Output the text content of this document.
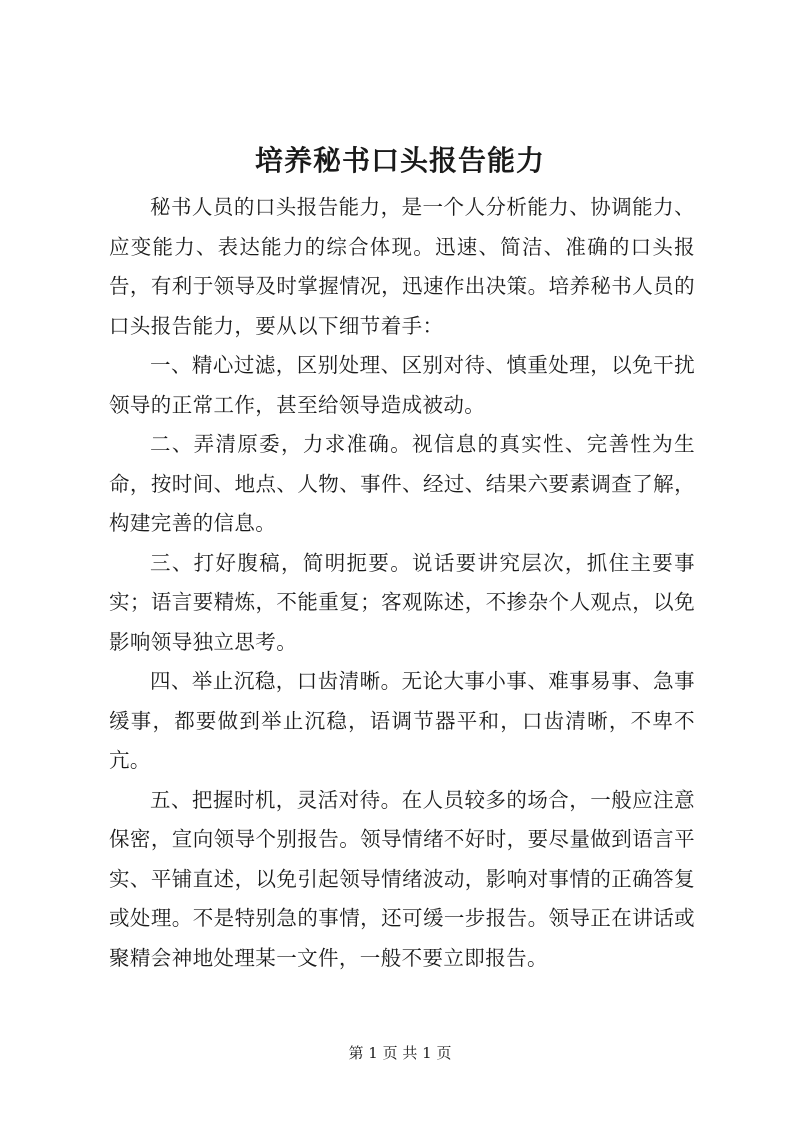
培养秘书口头报告能力

秘书人员的口头报告能力，是一个人分析能力、协调能力、应变能力、表达能力的综合体现。迅速、简洁、准确的口头报告，有利于领导及时掌握情况，迅速作出决策。培养秘书人员的口头报告能力，要从以下细节着手：

一、精心过滤，区别处理、区别对待、慎重处理，以免干扰领导的正常工作，甚至给领导造成被动。

二、弄清原委，力求准确。视信息的真实性、完善性为生命，按时间、地点、人物、事件、经过、结果六要素调查了解，构建完善的信息。

三、打好腹稿，简明扼要。说话要讲究层次，抓住主要事实；语言要精炼，不能重复；客观陈述，不掺杂个人观点，以免影响领导独立思考。

四、举止沉稳，口齿清晰。无论大事小事、难事易事、急事缓事，都要做到举止沉稳，语调节器平和，口齿清晰，不卑不亢。

五、把握时机，灵活对待。在人员较多的场合，一般应注意保密，宣向领导个别报告。领导情绪不好时，要尽量做到语言平实、平铺直述，以免引起领导情绪波动，影响对事情的正确答复或处理。不是特别急的事情，还可缓一步报告。领导正在讲话或聚精会神地处理某一文件，一般不要立即报告。

第 1 页 共 1 页
